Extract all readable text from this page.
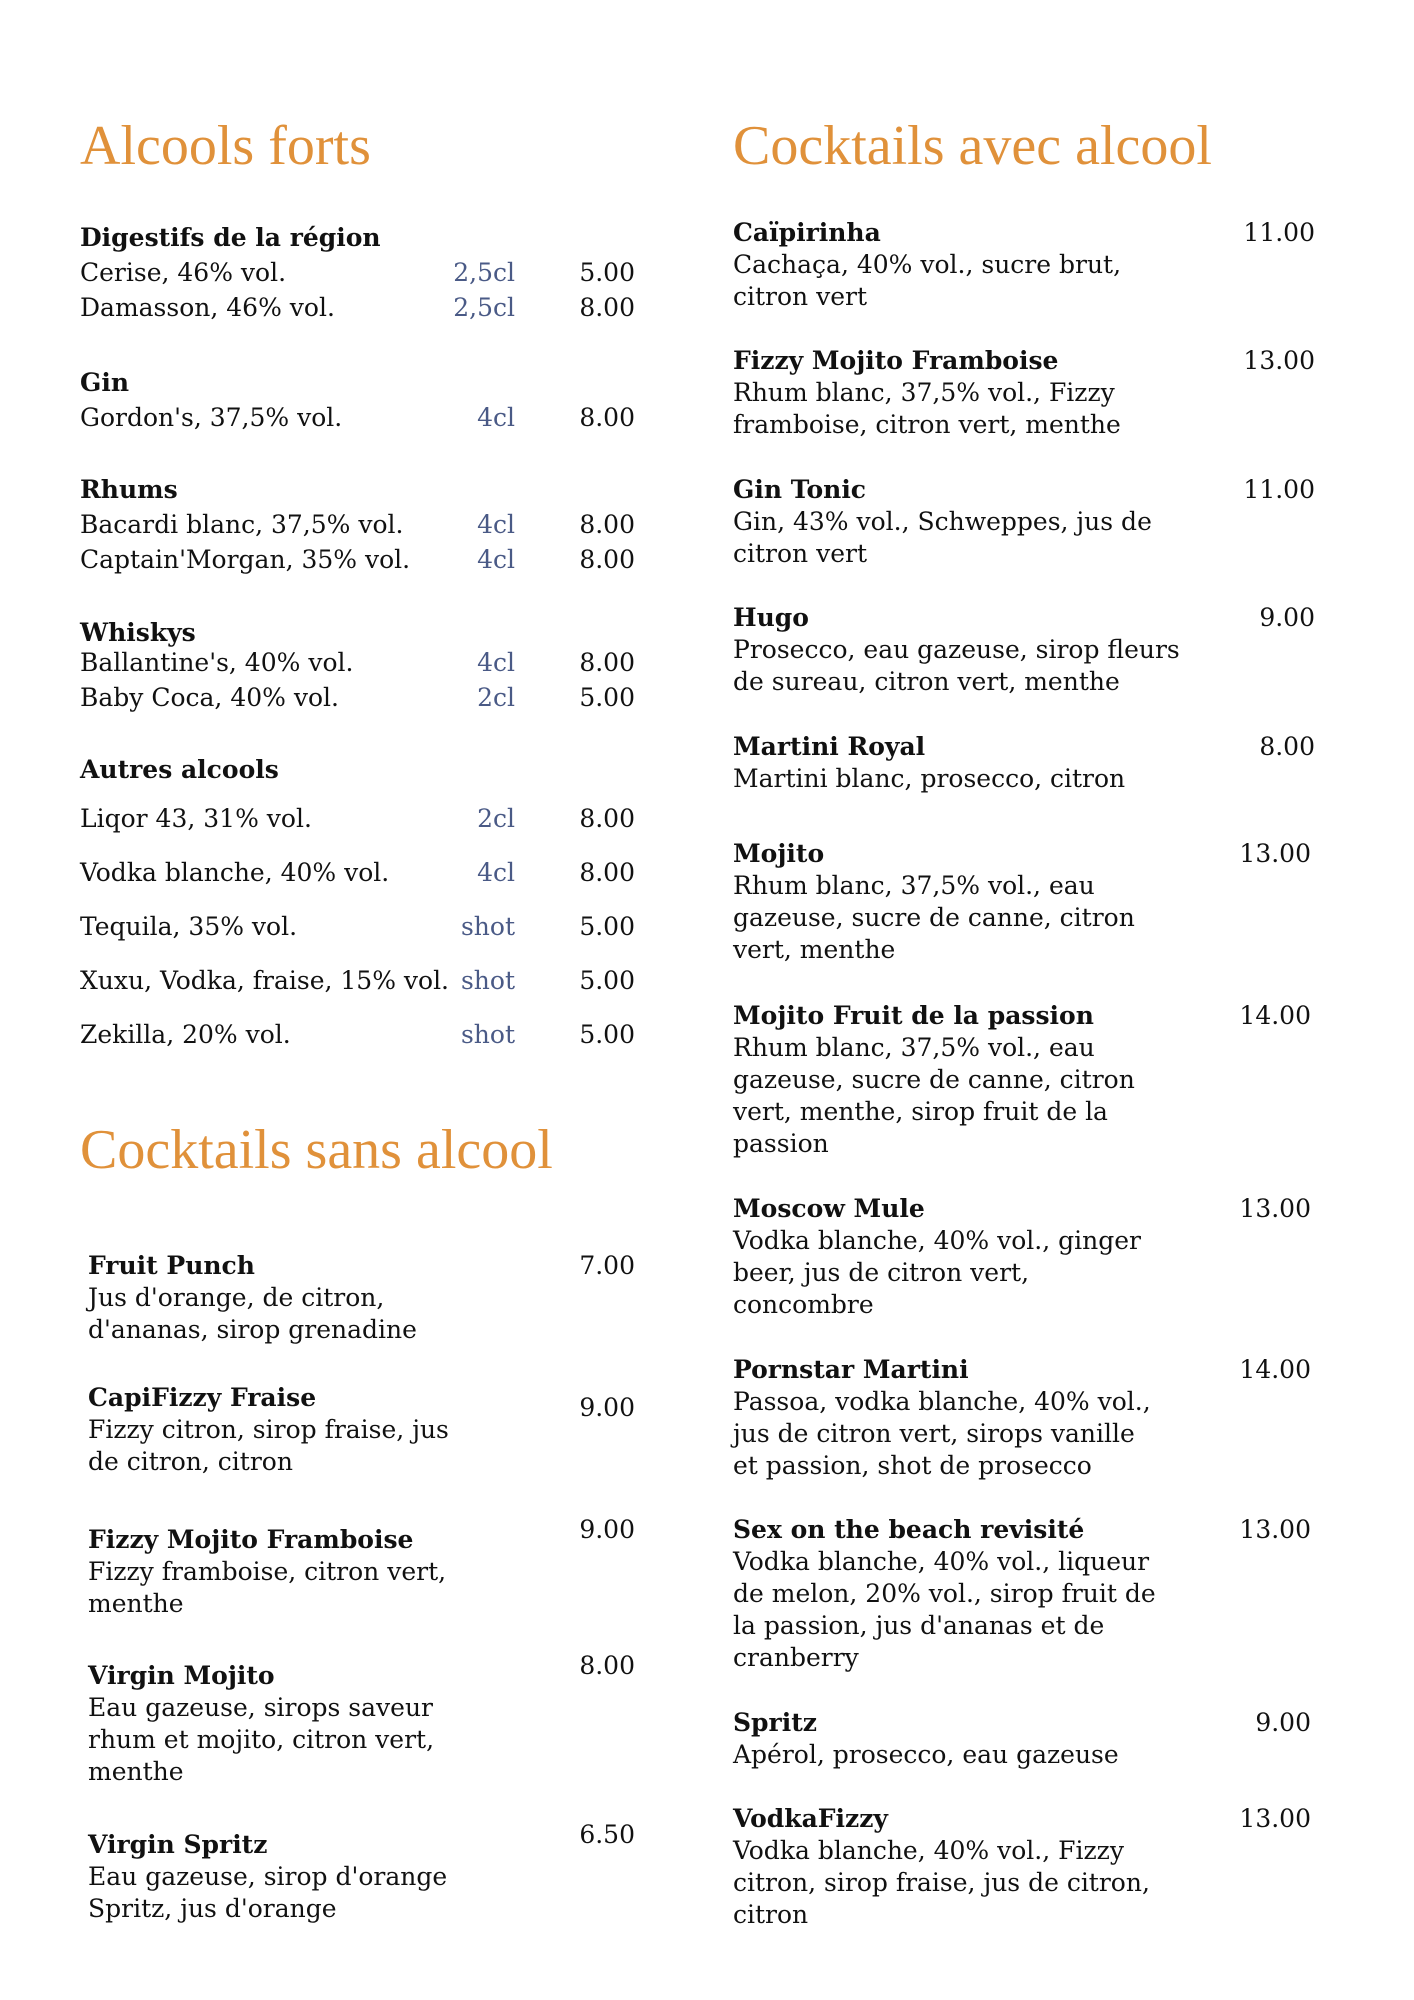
Alcools forts
Digestifs de la région
Cerise, 46% vol.	2,5cl	5.00
Damasson, 46% vol.	2,5cl	8.00
Gin
Gordon's, 37,5% vol.	4cl	8.00
Rhums
Bacardi blanc, 37,5% vol.	4cl	8.00
Captain'Morgan, 35% vol.	4cl	8.00
Whiskys
Ballantine's, 40% vol.	4cl	8.00
Baby Coca, 40% vol.	2cl	5.00
Autres alcools
Liqor 43, 31% vol.	2cl	8.00
Vodka blanche, 40% vol.	4cl	8.00
Tequila, 35% vol.	shot	5.00
Xuxu, Vodka, fraise, 15% vol. shot	5.00
Zekilla, 20% vol.	shot	5.00
Cocktails sans alcool
Fruit Punch
Jus d'orange, de citron,
d'ananas, sirop grenadine
7.00
CapiFizzy Fraise
Fizzy citron, sirop fraise, jus
de citron, citron
9.00
Fizzy Mojito Framboise
Fizzy framboise, citron vert,
menthe
9.00
Virgin Mojito
Eau gazeuse, sirops saveur
rhum et mojito, citron vert,
menthe
8.00
Virgin Spritz
Eau gazeuse, sirop d'orange
Spritz, jus d'orange
6.50
Cocktails avec alcool
Caïpirinha
Cachaça, 40% vol., sucre brut,
citron vert
11.00
Fizzy Mojito Framboise
Rhum blanc, 37,5% vol., Fizzy
framboise, citron vert, menthe
13.00
Gin Tonic
Gin, 43% vol., Schweppes, jus de
citron vert
11.00
Hugo
Prosecco, eau gazeuse, sirop fleurs
de sureau, citron vert, menthe
9.00
Martini Royal
Martini blanc, prosecco, citron
8.00
Mojito
Rhum blanc, 37,5% vol., eau
gazeuse, sucre de canne, citron
vert, menthe
13.00
Mojito Fruit de la passion
Rhum blanc, 37,5% vol., eau
gazeuse, sucre de canne, citron
vert, menthe, sirop fruit de la
passion
14.00
Moscow Mule
Vodka blanche, 40% vol., ginger
beer, jus de citron vert,
concombre
13.00
Pornstar Martini
Passoa, vodka blanche, 40% vol.,
jus de citron vert, sirops vanille
et passion, shot de prosecco
14.00
Sex on the beach revisité
Vodka blanche, 40% vol., liqueur
de melon, 20% vol., sirop fruit de
la passion, jus d'ananas et de
cranberry
13.00
Spritz
Apérol, prosecco, eau gazeuse
9.00
VodkaFizzy
Vodka blanche, 40% vol., Fizzy
citron, sirop fraise, jus de citron,
citron
13.00
